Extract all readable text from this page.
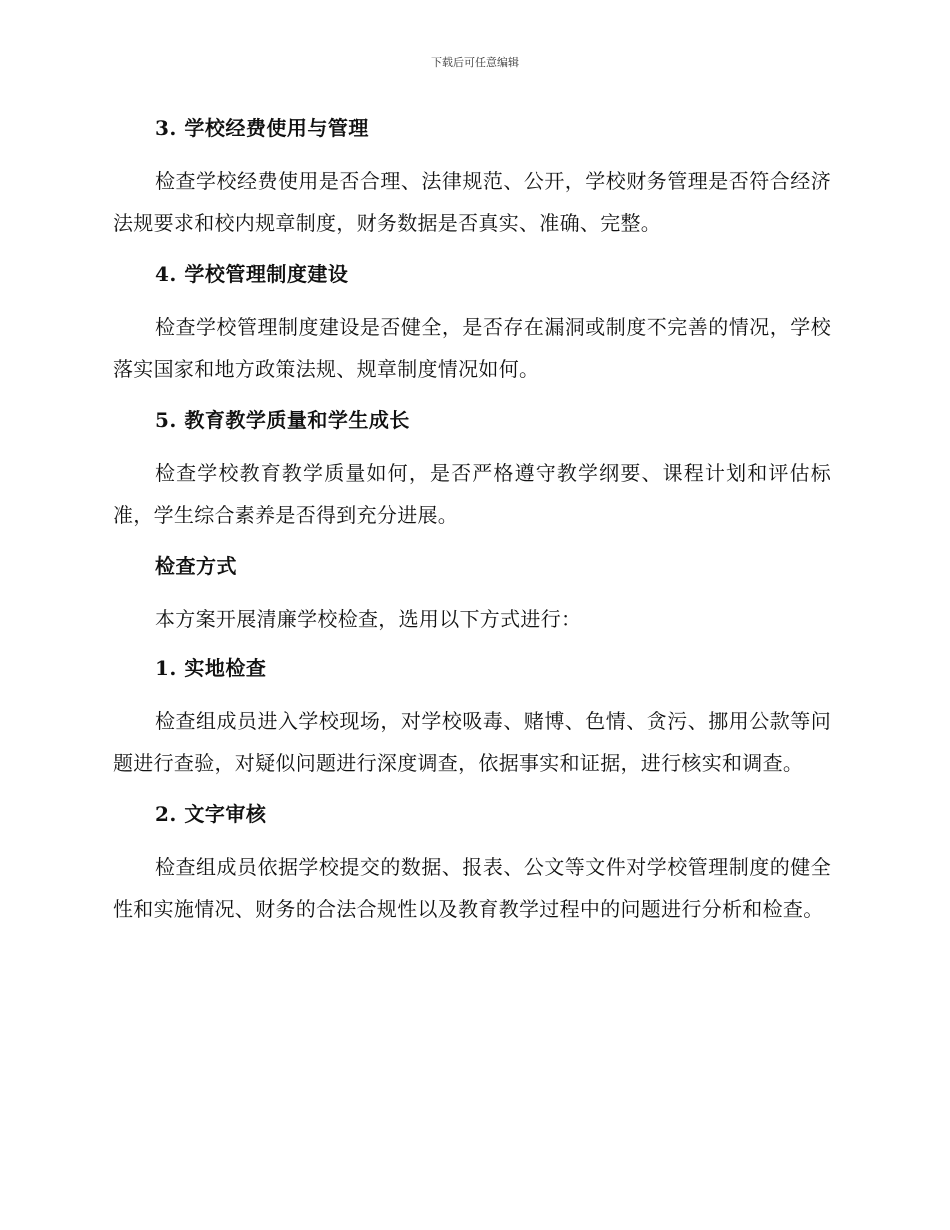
下载后可任意编辑
3. 学校经费使用与管理

检查学校经费使用是否合理、法律规范、公开，学校财务管理是否符合经济法规要求和校内规章制度，财务数据是否真实、准确、完整。

4. 学校管理制度建设

检查学校管理制度建设是否健全，是否存在漏洞或制度不完善的情况，学校落实国家和地方政策法规、规章制度情况如何。

5. 教育教学质量和学生成长

检查学校教育教学质量如何，是否严格遵守教学纲要、课程计划和评估标准，学生综合素养是否得到充分进展。

检查方式

本方案开展清廉学校检查，选用以下方式进行：

1. 实地检查

检查组成员进入学校现场，对学校吸毒、赌博、色情、贪污、挪用公款等问题进行查验，对疑似问题进行深度调查，依据事实和证据，进行核实和调查。

2. 文字审核

检查组成员依据学校提交的数据、报表、公文等文件对学校管理制度的健全性和实施情况、财务的合法合规性以及教育教学过程中的问题进行分析和检查。
